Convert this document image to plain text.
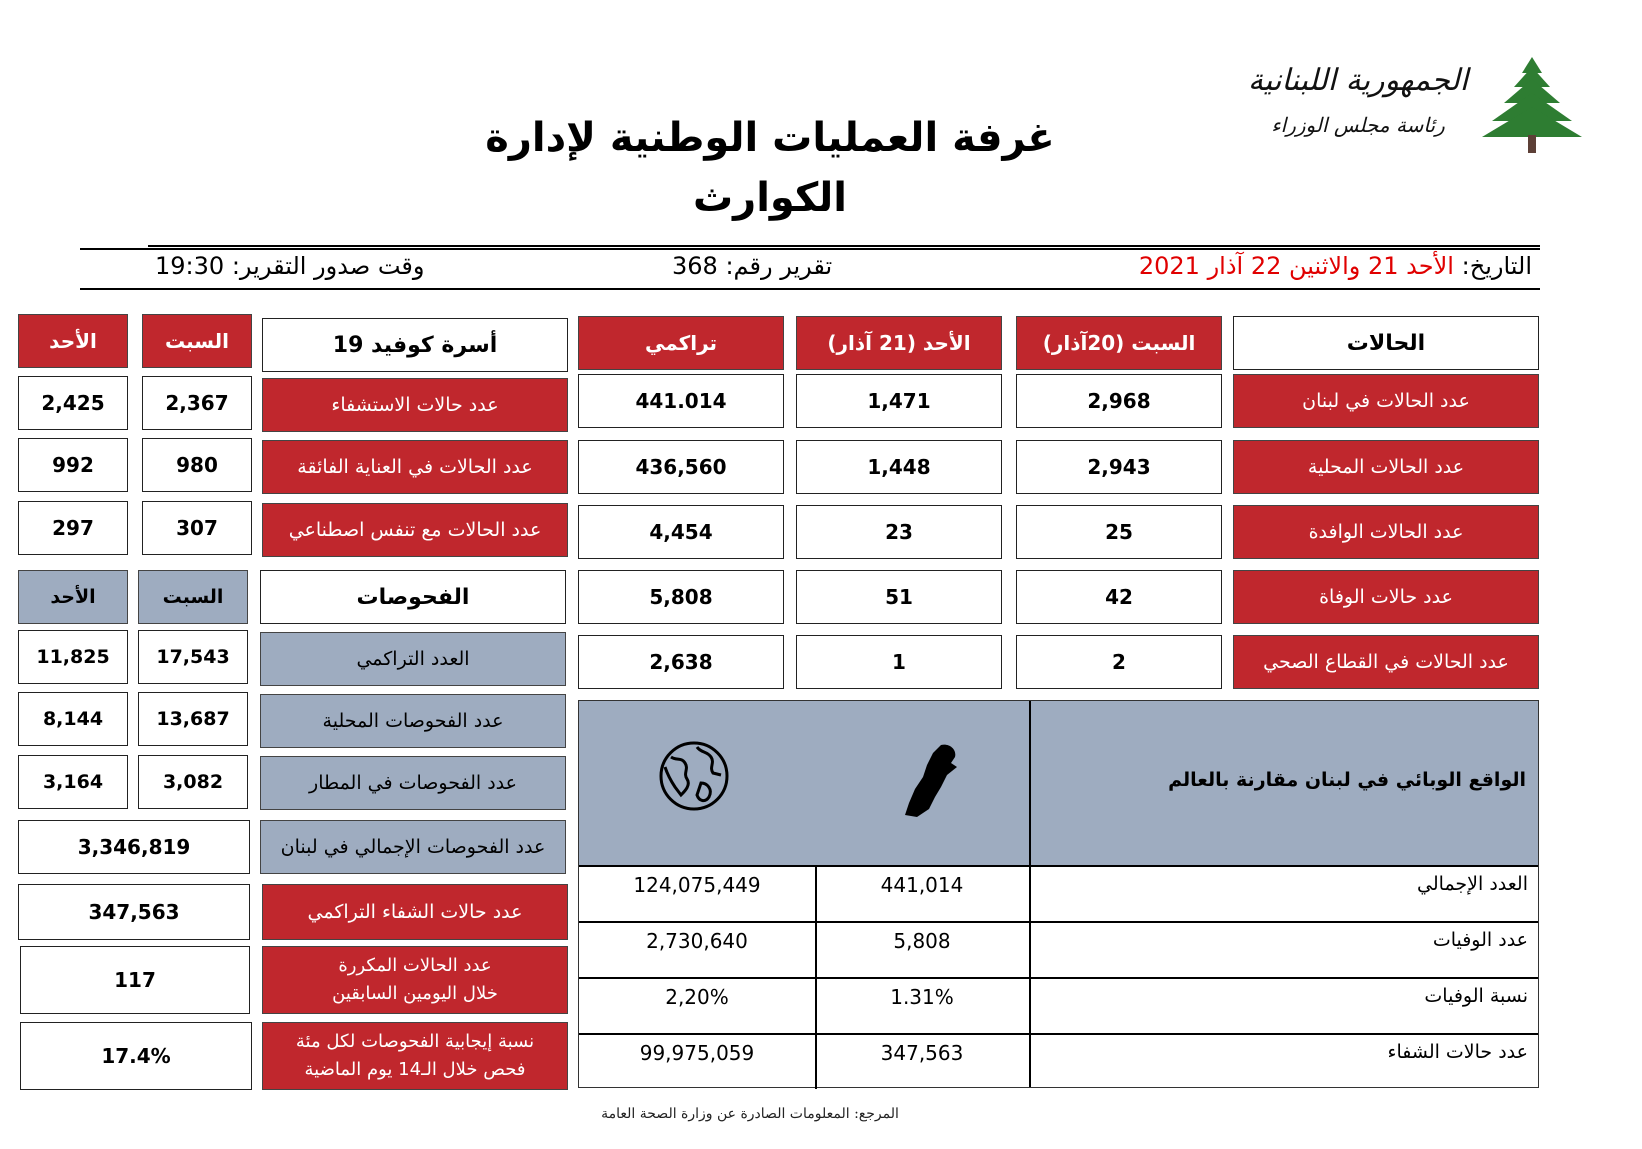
الجمهورية اللبنانية
رئاسة مجلس الوزراء
غرفة العمليات الوطنية لإدارة
الكوارث
التاريخ: الأحد 21 والاثنين 22 آذار 2021
تقرير رقم: 368
وقت صدور التقرير: 19:30
الحالات
السبت (20آذار)
الأحد (21 آذار)
تراكمي
عدد الحالات في لبنان
2,968
1,471
441.014
عدد الحالات المحلية
2,943
1,448
436,560
عدد الحالات الوافدة
25
23
4,454
عدد حالات الوفاة
42
51
5,808
عدد الحالات في القطاع الصحي
2
1
2,638
الواقع الوبائي في لبنان مقارنة بالعالم
العدد الإجمالي
441,014
124,075,449
عدد الوفيات
5,808
2,730,640
نسبة الوفيات
1.31%
2,20%
عدد حالات الشفاء
347,563
99,975,059
أسرة كوفيد 19
السبت
الأحد
عدد حالات الاستشفاء
2,367
2,425
عدد الحالات في العناية الفائقة
980
992
عدد الحالات مع تنفس اصطناعي
307
297
الفحوصات
السبت
الأحد
العدد التراكمي
17,543
11,825
عدد الفحوصات المحلية
13,687
8,144
عدد الفحوصات في المطار
3,082
3,164
عدد الفحوصات الإجمالي في لبنان
3,346,819
عدد حالات الشفاء التراكمي
347,563
عدد الحالات المكررة
خلال اليومين السابقين
117
نسبة إيجابية الفحوصات لكل مئة
فحص خلال الـ14 يوم الماضية
17.4%
المرجع: المعلومات الصادرة عن وزارة الصحة العامة
